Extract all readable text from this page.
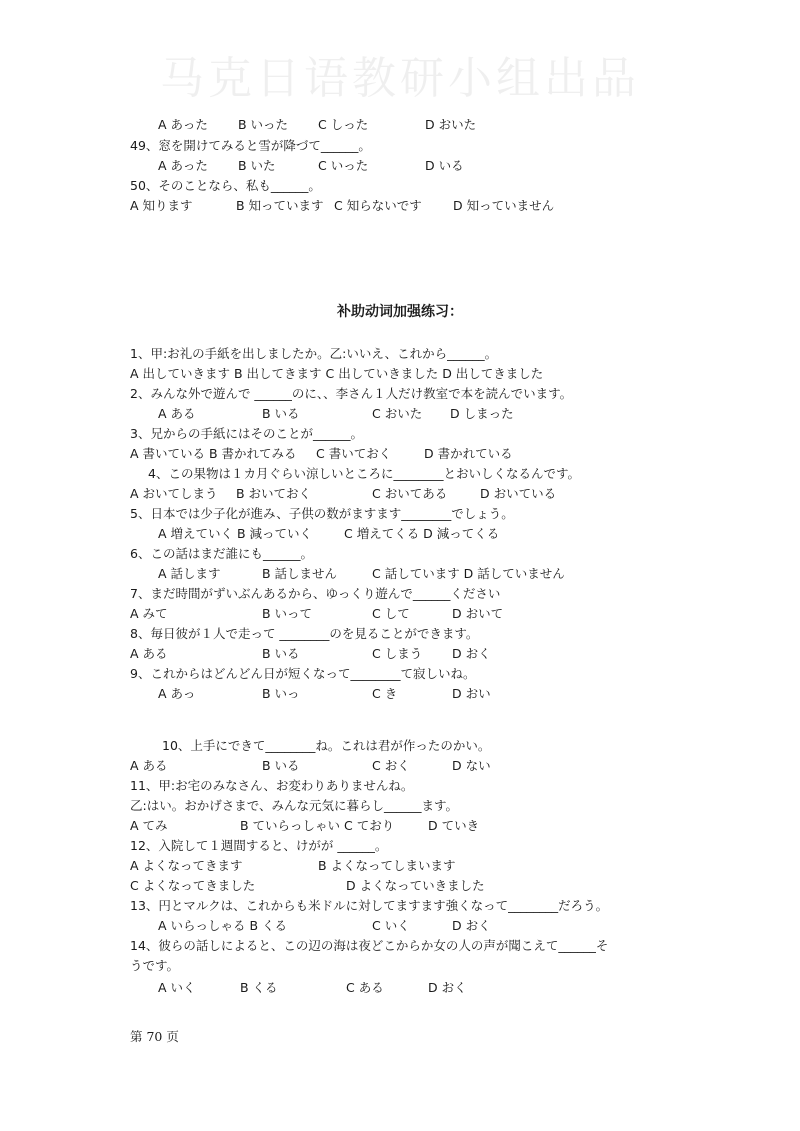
马克日语教研小组出品
A あった B いった C しった	D おいた
49、窓を開けてみると雪が降づて______。
A あった B いた	C いった	D いる
50、そのことなら、私も______。
A 知ります	B 知っています C 知らないです	D 知っていません
补助动词加强练习：
1、甲:お礼の手紙を出しましたか。乙:いいえ、これから______。
A 出していきます B 出してきます C 出していきました D 出してきました
2、みんな外で遊んで ______のに、、李さん１人だけ教室で本を読んでいます。
A ある	B いる	C おいた D しまった
3、兄からの手紙にはそのことが______。
A 書いている B 書かれてみる C 書いておく	D 書かれている
4、この果物は１カ月ぐらい涼しいところに________とおいしくなるんです。
A おいてしまう B おいておく	C おいてある	D おいている
5、日本では少子化が進み、子供の数がますます________でしょう。
A 増えていく B 減っていく	C 増えてくる D 減ってくる
6、この話はまだ誰にも______。
A 話します	B 話しません	C 話しています D 話していません
7、まだ時間がずいぶんあるから、ゆっくり遊んで______ください
A みて	B いって	C して	D おいて
8、毎日彼が１人で走って ________のを見ることができます。
A ある	B いる	C しまう D おく
9、これからはどんどん日が短くなって________て寂しいね。
A あっ	B いっ	C き	D おい
10、上手にできて________ね。これは君が作ったのかい。
A ある	B いる	C おく	D ない
11、甲:お宅のみなさん、お変わりありませんね。
乙:はい。おかげさまで、みんな元気に暮らし______ます。
A てみ	B ていらっしゃい C ており	D ていき
12、入院して１週間すると、けがが ______。
A よくなってきます	B よくなってしまいます
C よくなってきました	D よくなっていきました
13、円とマルクは、これからも米ドルに対してますます強くなって________だろう。
A いらっしゃる B くる	C いく	D おく
14、彼らの話しによると、この辺の海は夜どこからか女の人の声が聞こえて______そ
うです。
A いく	B くる	C ある	D おく
第 70 页
